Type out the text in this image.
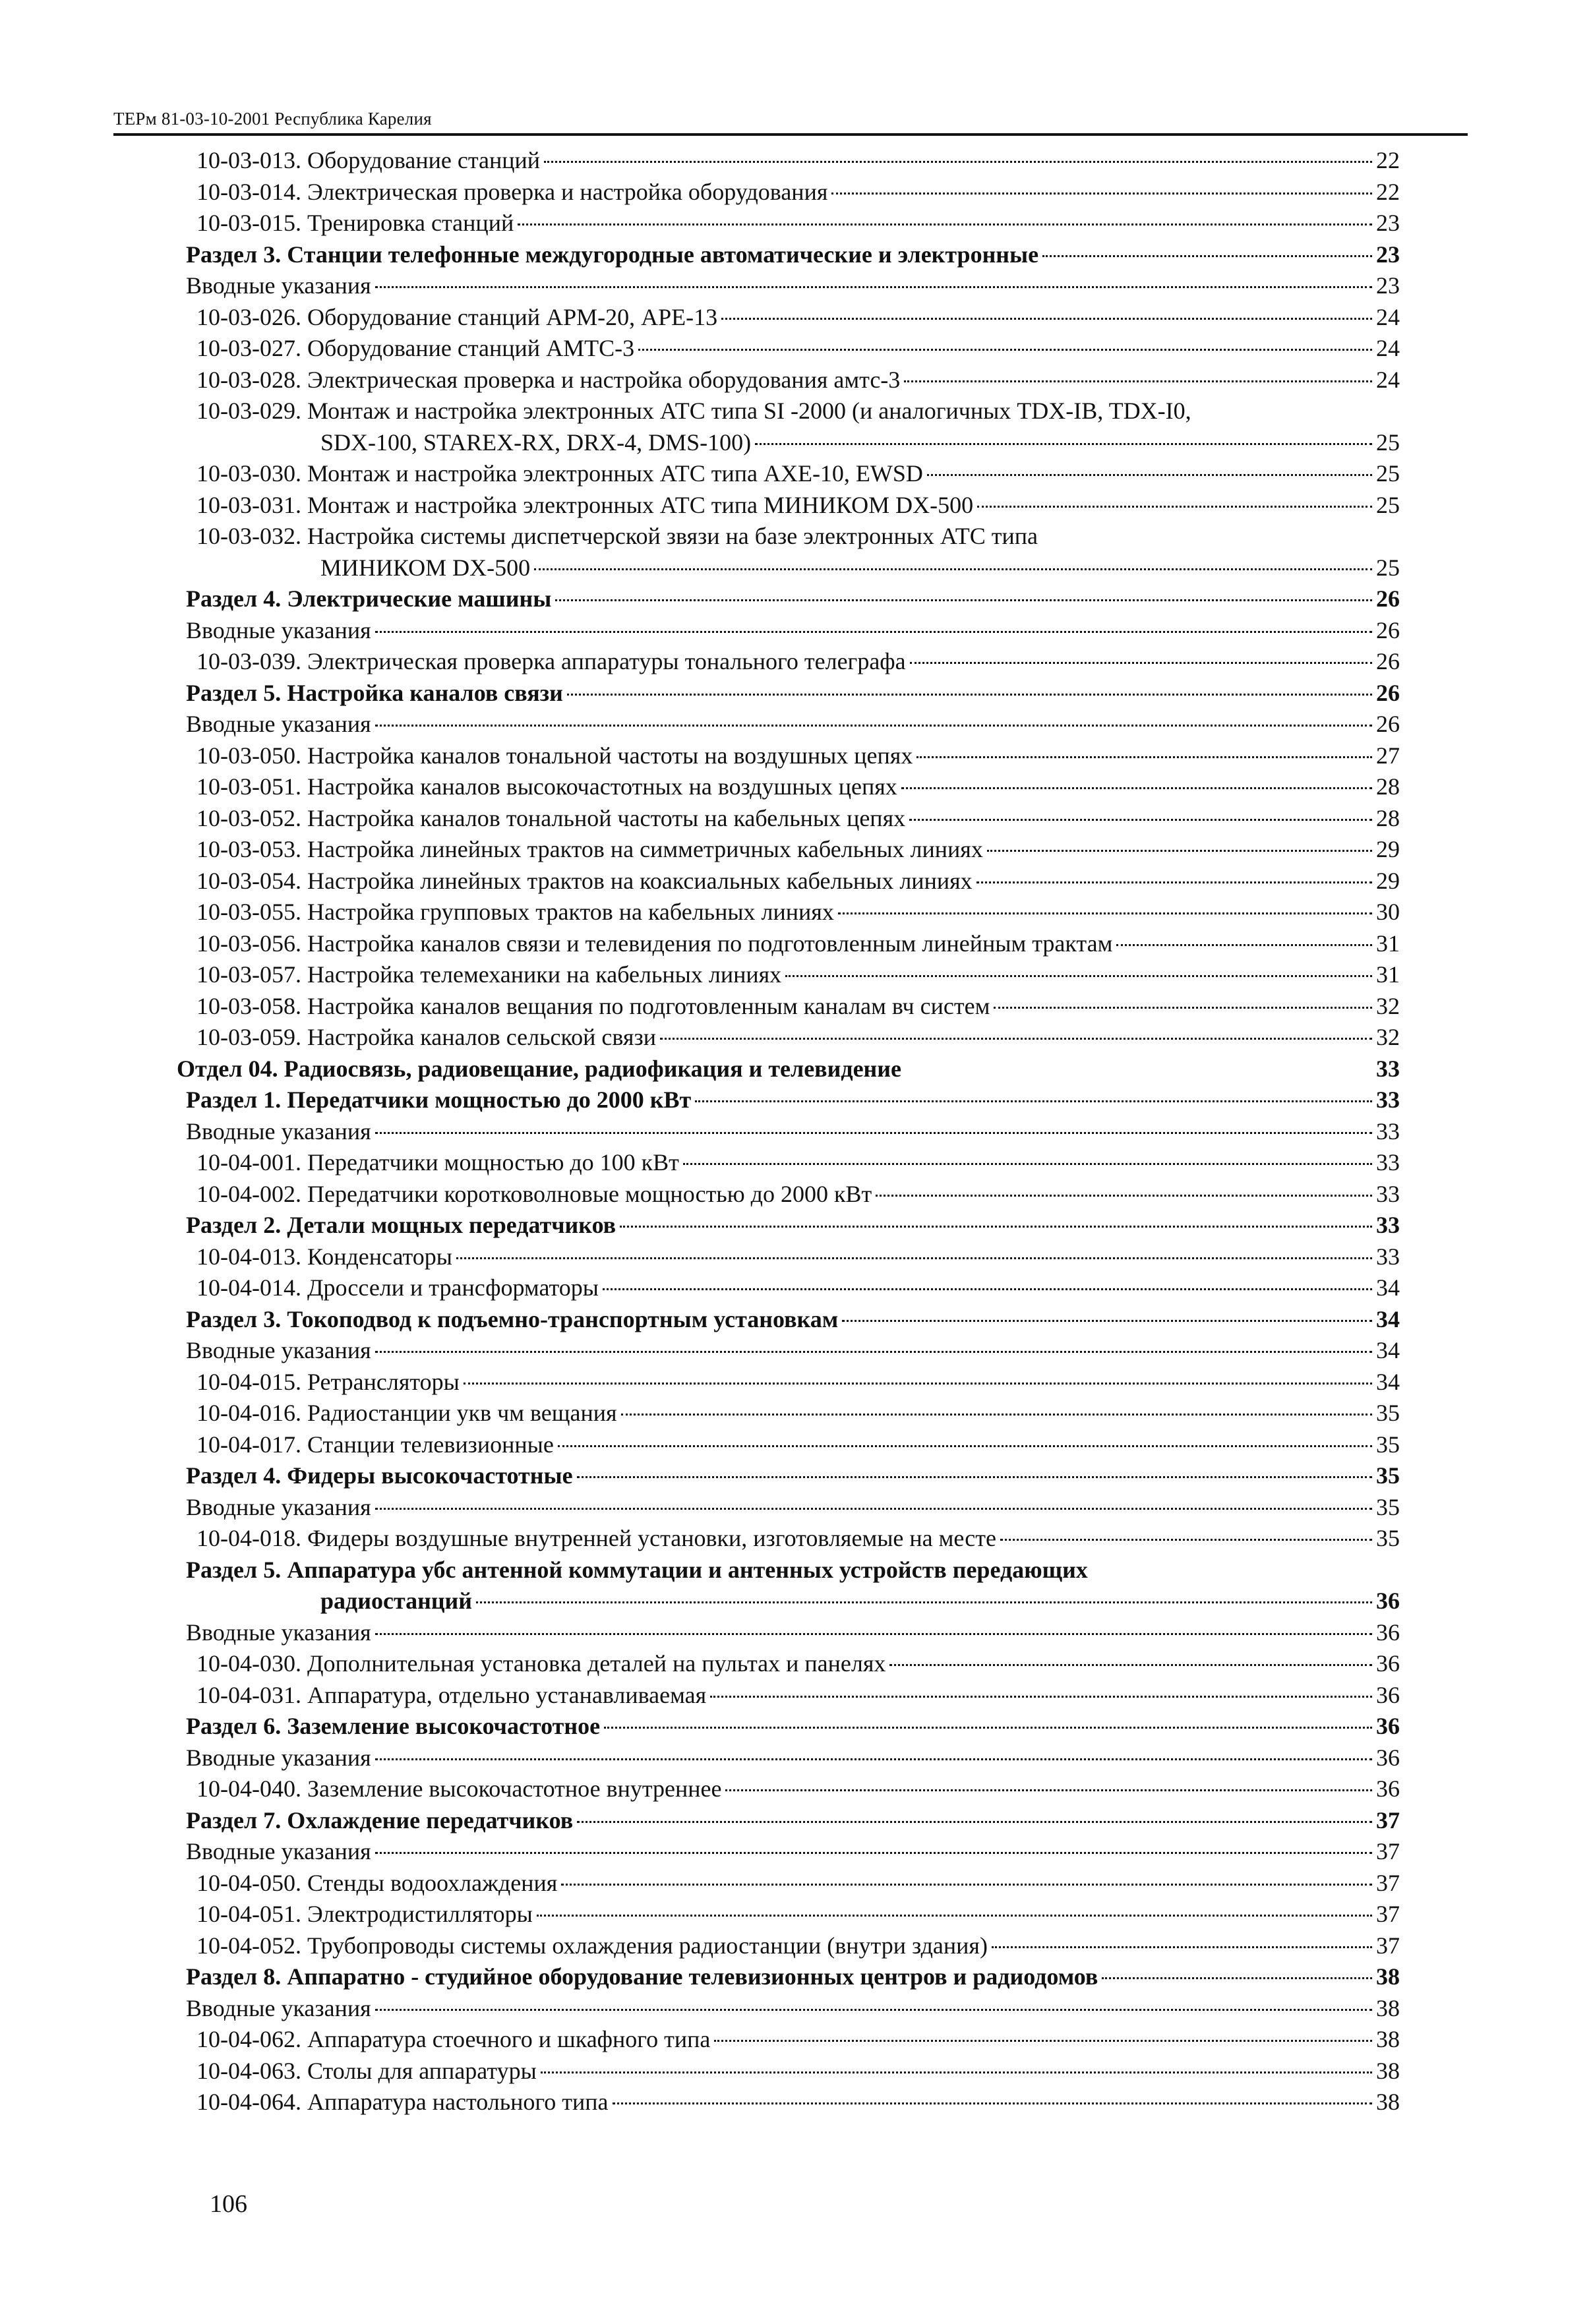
ТЕРм 81-03-10-2001 Республика Карелия
10-03-013. Оборудование станций	22
10-03-014. Электрическая проверка и настройка оборудования	22
10-03-015. Тренировка станций	23
Раздел 3. Станции телефонные междугородные автоматические и электронные	23
Вводные указания	23
10-03-026. Оборудование станций АРМ-20, АРЕ-13	24
10-03-027. Оборудование станций АМТС-3	24
10-03-028. Электрическая проверка и настройка оборудования амтс-3	24
10-03-029. Монтаж и настройка электронных АТС типа SI -2000 (и аналогичных TDX-IB, TDX-I0,
SDX-100, STAREX-RX, DRX-4, DMS-100)	25
10-03-030. Монтаж и настройка электронных АТС типа АХЕ-10, EWSD	25
10-03-031. Монтаж и настройка электронных АТС типа МИНИКОМ DX-500	25
10-03-032. Настройка системы диспетчерской звязи на базе электронных АТС типа
МИНИКОМ DX-500	25
Раздел 4. Электрические машины	26
Вводные указания	26
10-03-039. Электрическая проверка аппаратуры тонального телеграфа	26
Раздел 5. Настройка каналов связи	26
Вводные указания	26
10-03-050. Настройка каналов тональной частоты на воздушных цепях	27
10-03-051. Настройка каналов высокочастотных на воздушных цепях	28
10-03-052. Настройка каналов тональной частоты на кабельных цепях	28
10-03-053. Настройка линейных трактов на симметричных кабельных линиях	29
10-03-054. Настройка линейных трактов на коаксиальных кабельных линиях	29
10-03-055. Настройка групповых трактов на кабельных линиях	30
10-03-056. Настройка каналов связи и телевидения по подготовленным линейным трактам	31
10-03-057. Настройка телемеханики на кабельных линиях	31
10-03-058. Настройка каналов вещания по подготовленным каналам вч систем	32
10-03-059. Настройка каналов сельской связи	32
Отдел 04. Радиосвязь, радиовещание, радиофикация и телевидение	33
Раздел 1. Передатчики мощностью до 2000 кВт	33
Вводные указания	33
10-04-001. Передатчики мощностью до 100 кВт	33
10-04-002. Передатчики коротковолновые мощностью до 2000 кВт	33
Раздел 2. Детали мощных передатчиков	33
10-04-013. Конденсаторы	33
10-04-014. Дроссели и трансформаторы	34
Раздел 3. Токоподвод к подъемно-транспортным установкам	34
Вводные указания	34
10-04-015. Ретрансляторы	34
10-04-016. Радиостанции укв чм вещания	35
10-04-017. Станции телевизионные	35
Раздел 4. Фидеры высокочастотные	35
Вводные указания	35
10-04-018. Фидеры воздушные внутренней установки, изготовляемые на месте	35
Раздел 5. Аппаратура убс антенной коммутации и антенных устройств передающих
радиостанций	36
Вводные указания	36
10-04-030. Дополнительная установка деталей на пультах и панелях	36
10-04-031. Аппаратура, отдельно устанавливаемая	36
Раздел 6. Заземление высокочастотное	36
Вводные указания	36
10-04-040. Заземление высокочастотное внутреннее	36
Раздел 7. Охлаждение передатчиков	37
Вводные указания	37
10-04-050. Стенды водоохлаждения	37
10-04-051. Электродистилляторы	37
10-04-052. Трубопроводы системы охлаждения радиостанции (внутри здания)	37
Раздел 8. Аппаратно - студийное оборудование телевизионных центров и радиодомов	38
Вводные указания	38
10-04-062. Аппаратура стоечного и шкафного типа	38
10-04-063. Столы для аппаратуры	38
10-04-064. Аппаратура настольного типа	38
106
